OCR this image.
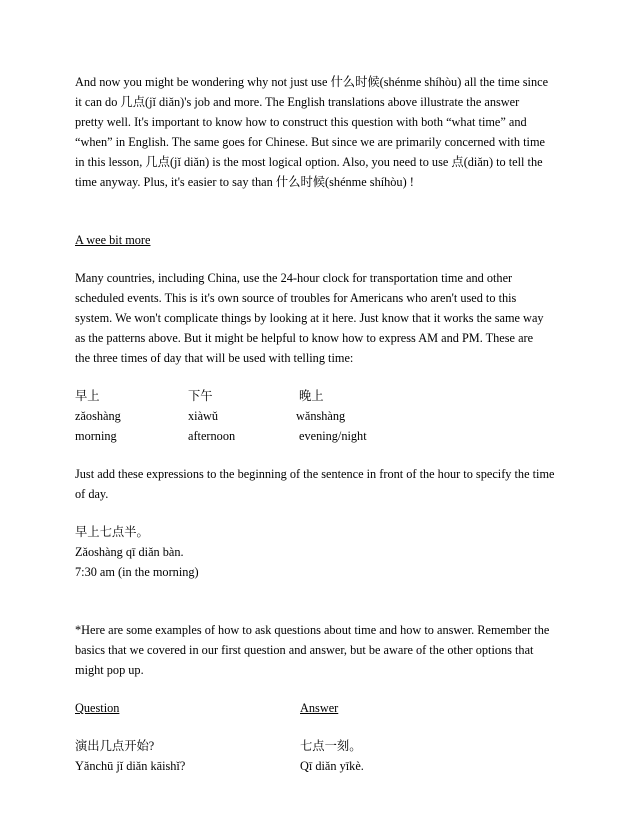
And now you might be wondering why not just use 什么时候(shénme shíhòu) all the time since

it can do 几点(jǐ diǎn)'s job and more. The English translations above illustrate the answer

pretty well. It's important to know how to construct this question with both “what time” and

“when” in English. The same goes for Chinese. But since we are primarily concerned with time

in this lesson, 几点(jǐ diǎn) is the most logical option. Also, you need to use 点(diǎn) to tell the

time anyway. Plus, it's easier to say than 什么时候(shénme shíhòu) !

A wee bit more

Many countries, including China, use the 24-hour clock for transportation time and other

scheduled events. This is it's own source of troubles for Americans who aren't used to this

system. We won't complicate things by looking at it here. Just know that it works the same way

as the patterns above. But it might be helpful to know how to express AM and PM. These are

the three times of day that will be used with telling time:

早上	下午	晚上
zǎoshàng	xiàwǔ	wǎnshàng
morning	afternoon	evening/night

Just add these expressions to the beginning of the sentence in front of the hour to specify the time

of day.

早上七点半。

Zǎoshàng qī diǎn bàn.

7:30 am (in the morning)

*Here are some examples of how to ask questions about time and how to answer. Remember the

basics that we covered in our first question and answer, but be aware of the other options that

might pop up.

Question	Answer
演出几点开始?	七点一刻。
Yǎnchū jǐ diǎn kāishǐ?	Qī diǎn yīkè.
